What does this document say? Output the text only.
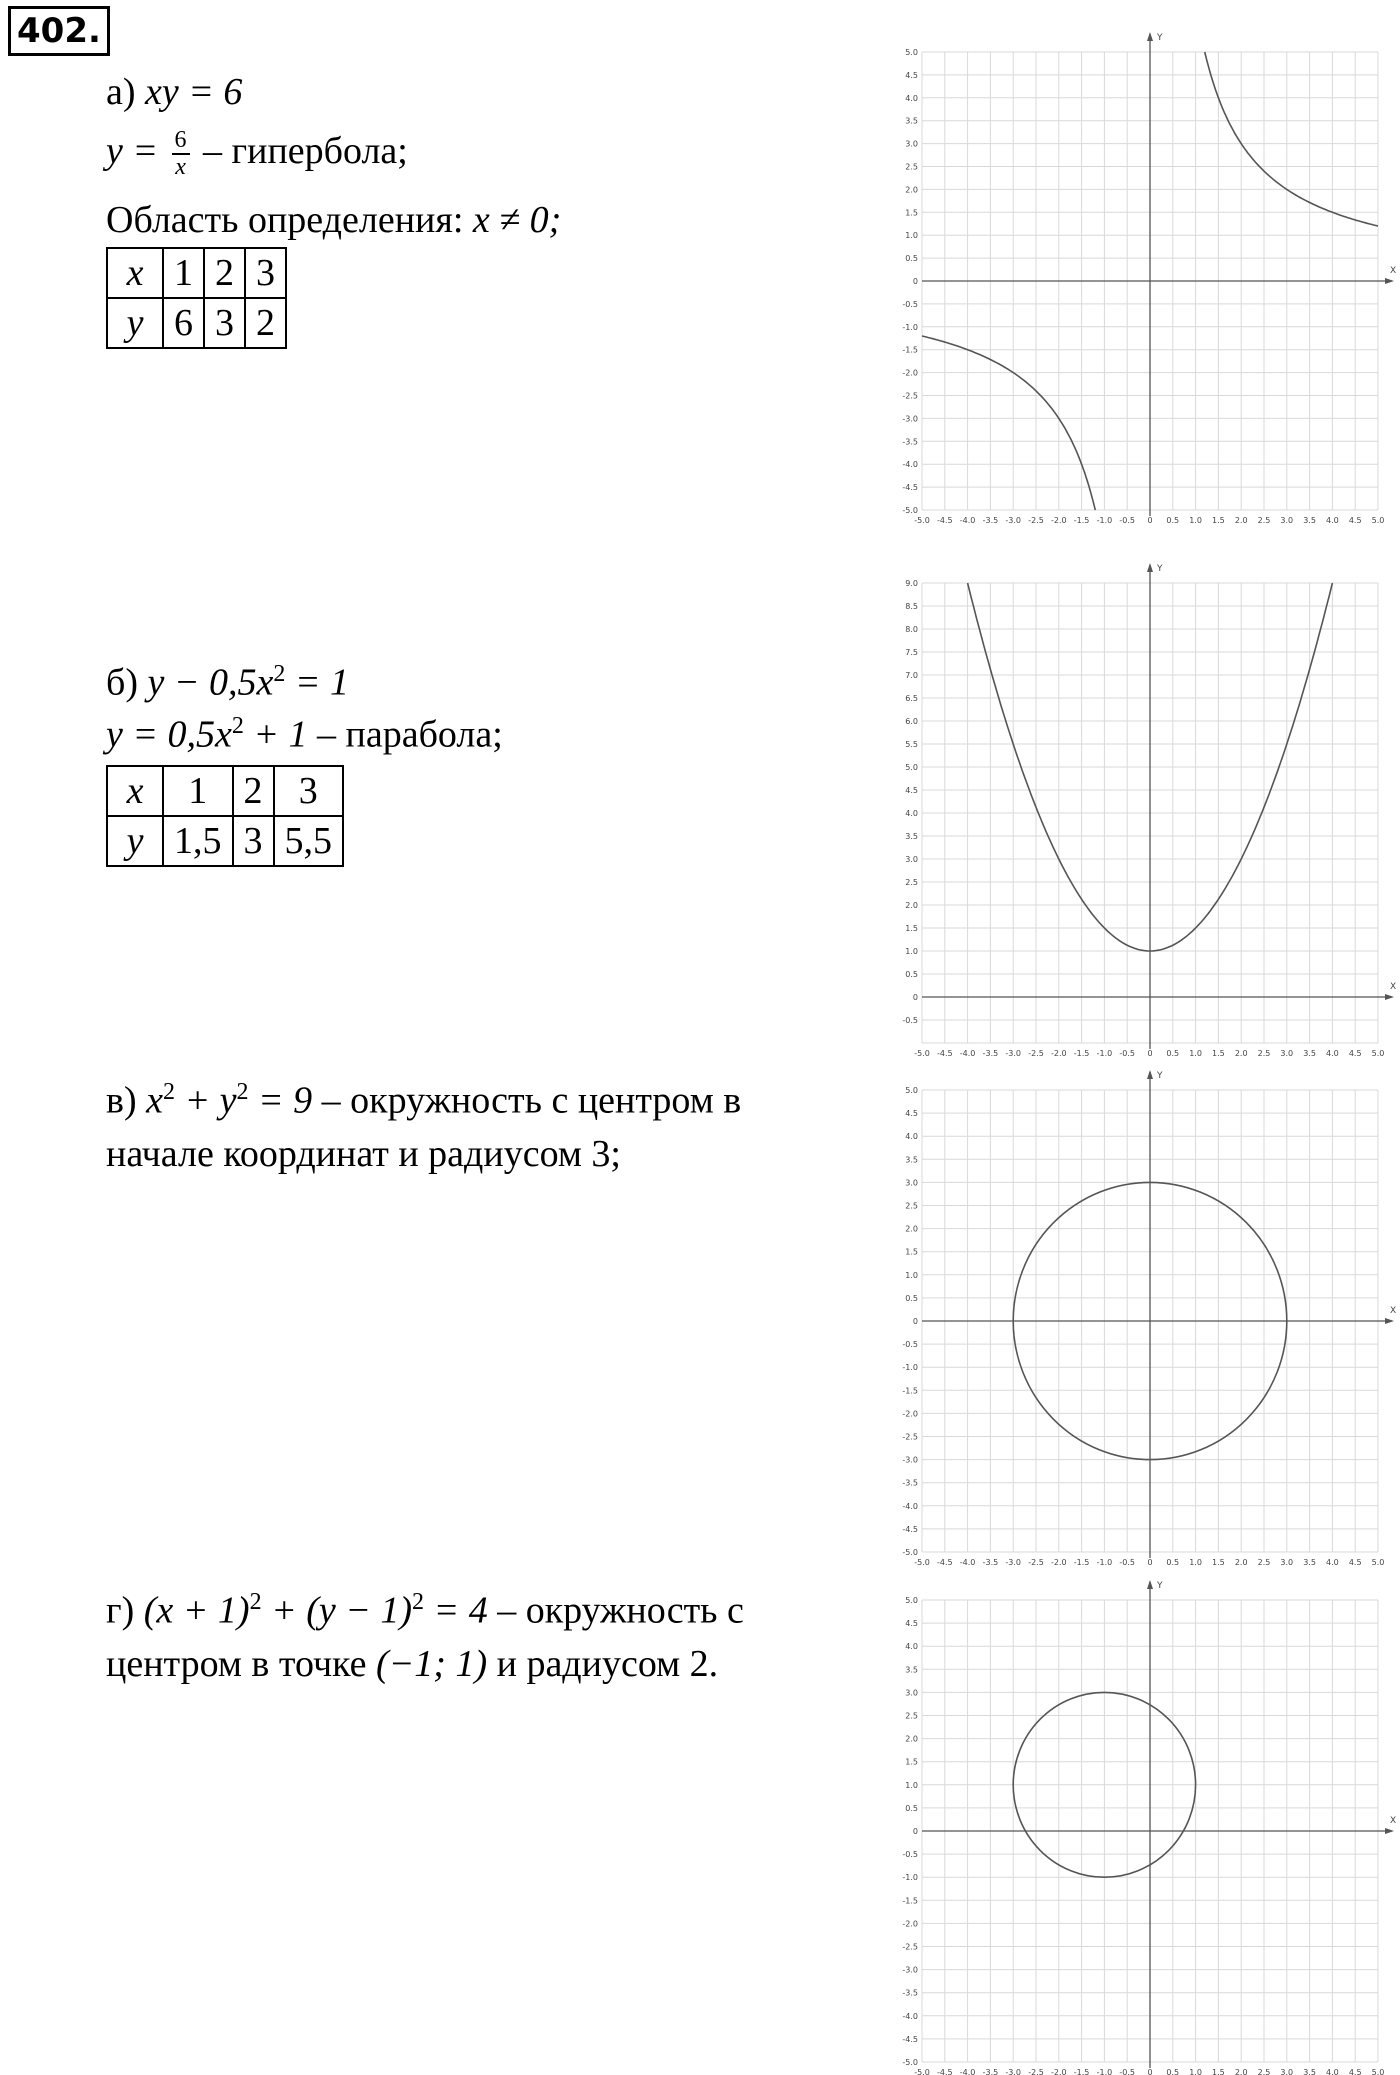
402.
а) xy = 6
$y = \frac{6}{x}$ – гипербола;
Область определения: x ≠ 0;
x	1	2	3
y	6	3	2
б) $y - 0,5x^2 = 1$
$y = 0,5x^2 + 1$ – парабола;
x	1	2	3
y	1,5	3	5,5
в) $x^2 + y^2 = 9$ – окружность с центром в
начале координат и радиусом 3;
г) $(x + 1)^2 + (y - 1)^2 = 4$ – окружность с
центром в точке (−1; 1) и радиусом 2.
X
Y
-5.0 -4.5 -4.0 -3.5 -3.0 -2.5 -2.0 -1.5 -1.0 -0.5 0 0.5 1.0 1.5 2.0 2.5 3.0 3.5 4.0 4.5 5.0
-5.0
-4.5
-4.0
-3.5
-3.0
-2.5
-2.0
-1.5
-1.0
-0.5
0
0.5
1.0
1.5
2.0
2.5
3.0
3.5
4.0
4.5
5.0
X
Y
-5.0 -4.5 -4.0 -3.5 -3.0 -2.5 -2.0 -1.5 -1.0 -0.5 0 0.5 1.0 1.5 2.0 2.5 3.0 3.5 4.0 4.5 5.0
-0.5
0
0.5
1.0
1.5
2.0
2.5
3.0
3.5
4.0
4.5
5.0
5.5
6.0
6.5
7.0
7.5
8.0
8.5
9.0
X
Y
-5.0 -4.5 -4.0 -3.5 -3.0 -2.5 -2.0 -1.5 -1.0 -0.5 0 0.5 1.0 1.5 2.0 2.5 3.0 3.5 4.0 4.5 5.0
-5.0
-4.5
-4.0
-3.5
-3.0
-2.5
-2.0
-1.5
-1.0
-0.5
0
0.5
1.0
1.5
2.0
2.5
3.0
3.5
4.0
4.5
5.0
X
Y
-5.0 -4.5 -4.0 -3.5 -3.0 -2.5 -2.0 -1.5 -1.0 -0.5 0 0.5 1.0 1.5 2.0 2.5 3.0 3.5 4.0 4.5 5.0
-5.0
-4.5
-4.0
-3.5
-3.0
-2.5
-2.0
-1.5
-1.0
-0.5
0
0.5
1.0
1.5
2.0
2.5
3.0
3.5
4.0
4.5
5.0
